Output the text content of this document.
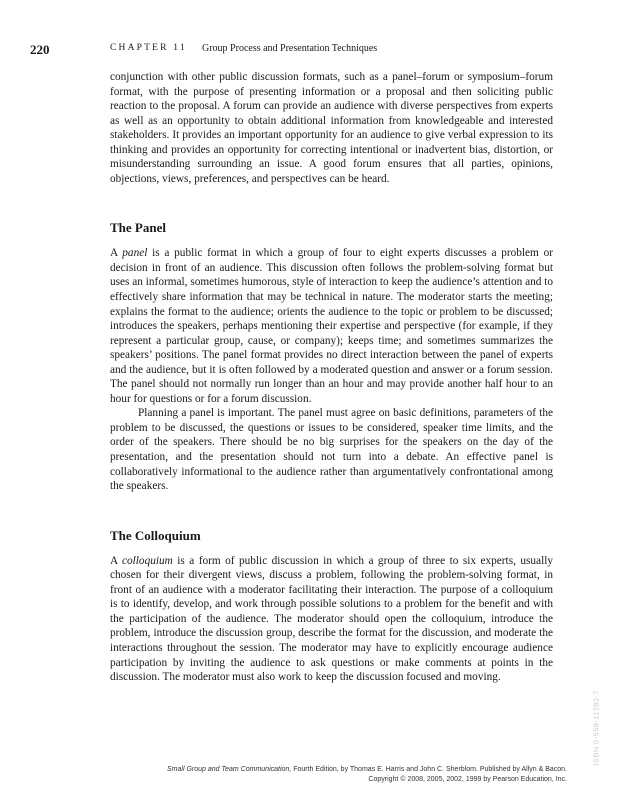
220	CHAPTER 11 Group Process and Presentation Techniques

conjunction with other public discussion formats, such as a panel–forum or symposium–forum format, with the purpose of presenting information or a proposal and then soliciting public reaction to the proposal. A forum can provide an audience with diverse perspectives from experts as well as an opportunity to obtain additional information from knowledgeable and interested stakeholders. It provides an important opportunity for an audience to give verbal expression to its thinking and provides an opportunity for correcting intentional or inadvertent bias, distortion, or misunderstanding surrounding an issue. A good forum ensures that all parties, opinions, objections, views, preferences, and perspectives can be heard.

The Panel

A panel is a public format in which a group of four to eight experts discusses a problem or decision in front of an audience. This discussion often follows the problem-solving format but uses an informal, sometimes humorous, style of interaction to keep the audience’s attention and to effectively share information that may be technical in nature. The moderator starts the meeting; explains the format to the audience; orients the audience to the topic or problem to be discussed; introduces the speakers, perhaps mentioning their expertise and perspective (for example, if they represent a particular group, cause, or company); keeps time; and sometimes summarizes the speakers’ positions. The panel format provides no direct interaction between the panel of experts and the audience, but it is often followed by a moderated question and answer or a forum session. The panel should not normally run longer than an hour and may provide another half hour to an hour for questions or for a forum discussion.

Planning a panel is important. The panel must agree on basic definitions, parameters of the problem to be discussed, the questions or issues to be considered, speaker time limits, and the order of the speakers. There should be no big surprises for the speakers on the day of the presentation, and the presentation should not turn into a debate. An effective panel is collaboratively informational to the audience rather than argumentatively confrontational among the speakers.

The Colloquium

A colloquium is a form of public discussion in which a group of three to six experts, usually chosen for their divergent views, discuss a problem, following the problem-solving format, in front of an audience with a moderator facilitating their interaction. The purpose of a colloquium is to identify, develop, and work through possible solutions to a problem for the benefit and with the participation of the audience. The moderator should open the colloquium, introduce the problem, introduce the discussion group, describe the format for the discussion, and moderate the interactions throughout the session. The moderator may have to explicitly encourage audience participation by inviting the audience to ask questions or make comments at points in the discussion. The moderator must also work to keep the discussion focused and moving.

ISBN 0-558-11262-7
Small Group and Team Communication, Fourth Edition, by Thomas E. Harris and John C. Sherblom. Published by Allyn & Bacon.
Copyright © 2008, 2005, 2002, 1999 by Pearson Education, Inc.
